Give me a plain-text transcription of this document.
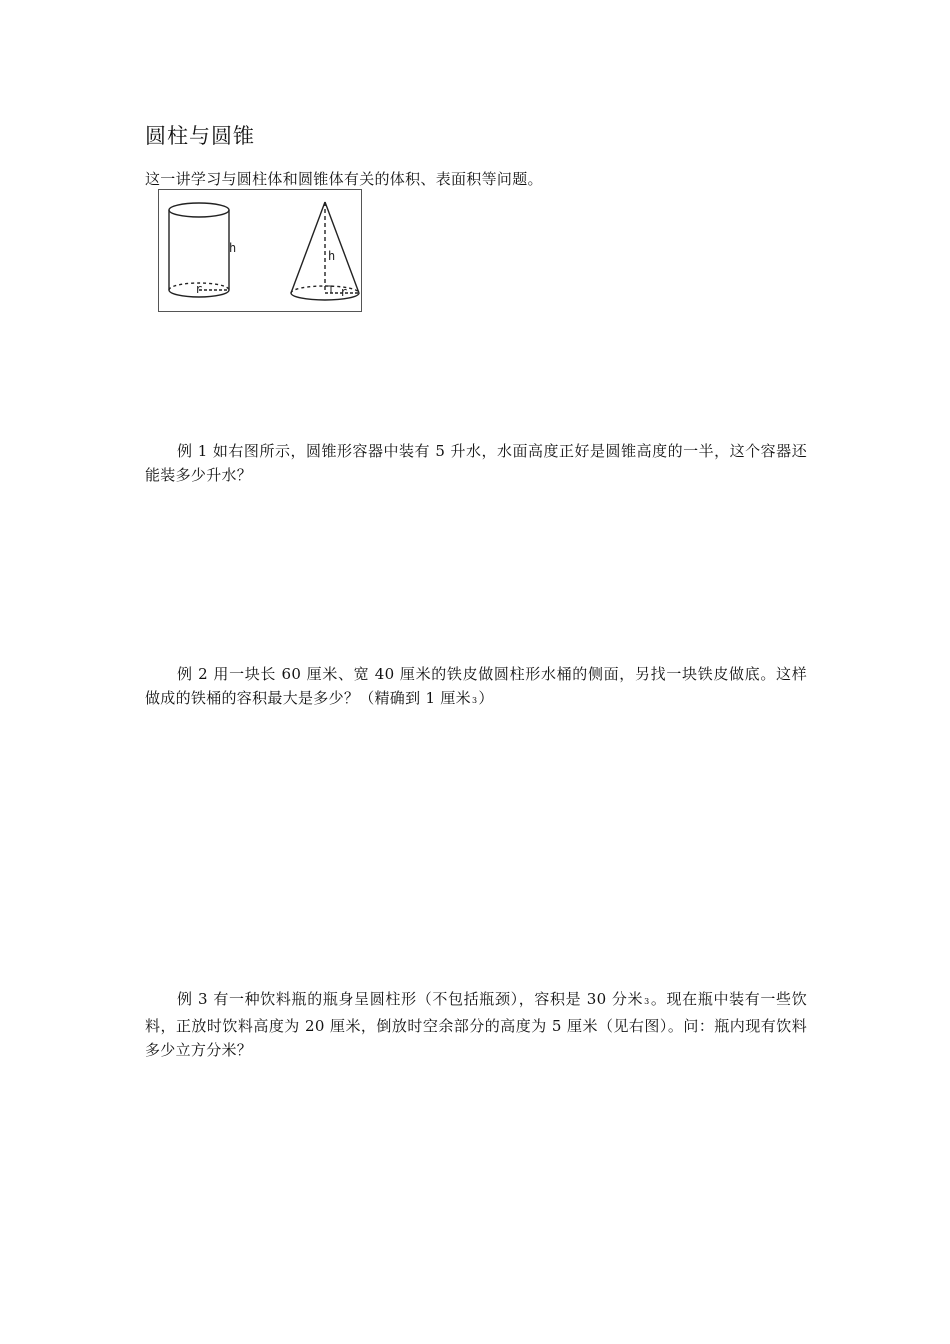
圆柱与圆锥
这一讲学习与圆柱体和圆锥体有关的体积、表面积等问题。
h
r
h
r
例 1 如右图所示，圆锥形容器中装有 5 升水，水面高度正好是圆锥高度的一半，这个容器还能装多少升水？
例 2 用一块长 60 厘米、宽 40 厘米的铁皮做圆柱形水桶的侧面，另找一块铁皮做底。这样做成的铁桶的容积最大是多少？（精确到 1 厘米3）
例 3 有一种饮料瓶的瓶身呈圆柱形（不包括瓶颈），容积是 30 分米3。现在瓶中装有一些饮料，正放时饮料高度为 20 厘米，倒放时空余部分的高度为 5 厘米（见右图）。问：瓶内现有饮料多少立方分米？
